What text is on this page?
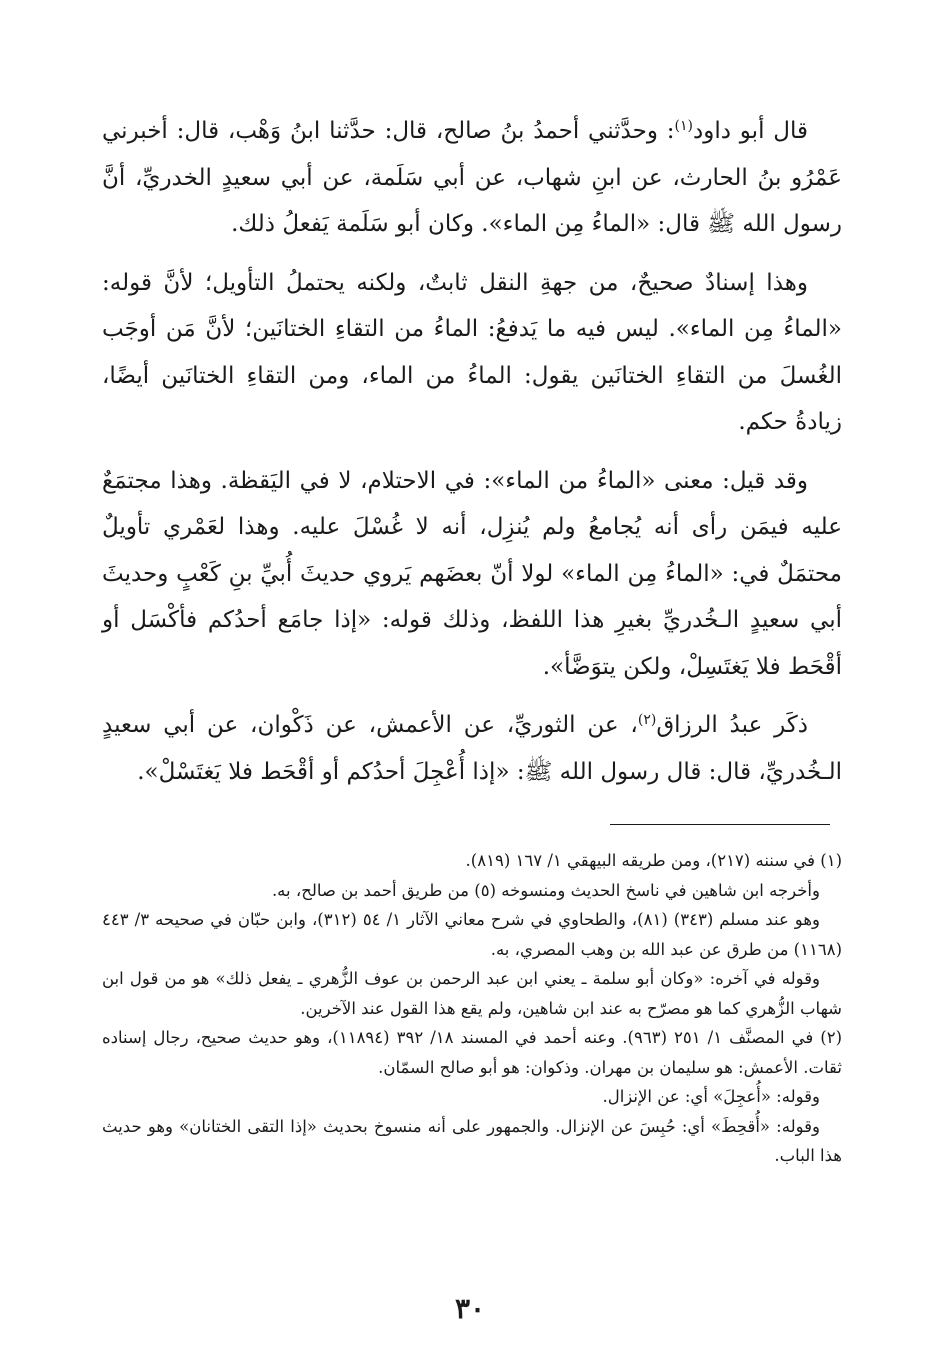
قال أبو داود$^{(١)}$: وحدَّثني أحمدُ بنُ صالح، قال: حدَّثنا ابنُ وَهْب، قال: أخبرني عَمْرُو بنُ الحارث، عن ابنِ شهاب، عن أبي سَلَمة، عن أبي سعيدٍ الخدريِّ، أنَّ رسول الله ﷺ قال: «الماءُ مِن الماء». وكان أبو سَلَمة يَفعلُ ذلك.

وهذا إسنادٌ صحيحٌ، من جهةِ النقل ثابتٌ، ولكنه يحتملُ التأويل؛ لأنَّ قوله: «الماءُ مِن الماء». ليس فيه ما يَدفعُ: الماءُ من التقاءِ الختانَين؛ لأنَّ مَن أوجَب الغُسلَ من التقاءِ الختانَين يقول: الماءُ من الماء، ومن التقاءِ الختانَين أيضًا، زيادةُ حكم.

وقد قيل: معنى «الماءُ من الماء»: في الاحتلام، لا في اليَقظة. وهذا مجتمَعٌ عليه فيمَن رأى أنه يُجامعُ ولم يُنزِل، أنه لا غُسْلَ عليه. وهذا لعَمْري تأويلٌ محتمَلٌ في: «الماءُ مِن الماء» لولا أنّ بعضَهم يَروي حديثَ أُبيِّ بنِ كَعْبٍ وحديثَ أبي سعيدٍ الـخُدريِّ بغيرِ هذا اللفظ، وذلك قوله: «إذا جامَع أحدُكم فأكْسَل أو أقْحَط فلا يَغتَسِلْ، ولكن يتوَضَّأ».

ذكَر عبدُ الرزاق$^{(٢)}$، عن الثوريِّ، عن الأعمش، عن ذَكْوان، عن أبي سعيدٍ الـخُدريِّ، قال: قال رسول الله ﷺ: «إذا أُعْجِلَ أحدُكم أو أقْحَط فلا يَغتَسْلْ».

(١) في سننه (٢١٧)، ومن طريقه البيهقي ١/ ١٦٧ (٨١٩).

وأخرجه ابن شاهين في ناسخ الحديث ومنسوخه (٥) من طريق أحمد بن صالح، به.

وهو عند مسلم (٣٤٣) (٨١)، والطحاوي في شرح معاني الآثار ١/ ٥٤ (٣١٢)، وابن حبّان في صحيحه ٣/ ٤٤٣ (١١٦٨) من طرق عن عبد الله بن وهب المصري، به.

وقوله في آخره: «وكان أبو سلمة ـ يعني ابن عبد الرحمن بن عوف الزُّهري ـ يفعل ذلك» هو من قول ابن شهاب الزُّهري كما هو مصرّح به عند ابن شاهين، ولم يقع هذا القول عند الآخرين.

(٢) في المصنَّف ١/ ٢٥١ (٩٦٣). وعنه أحمد في المسند ١٨/ ٣٩٢ (١١٨٩٤)، وهو حديث صحيح، رجال إسناده ثقات. الأعمش: هو سليمان بن مهران. وذكوان: هو أبو صالح السمّان.

وقوله: «أُعجِلَ» أي: عن الإنزال.

وقوله: «أُقحِطَ» أي: حُبِسَ عن الإنزال. والجمهور على أنه منسوخ بحديث «إذا التقى الختانان» وهو حديث هذا الباب.

٣٠
